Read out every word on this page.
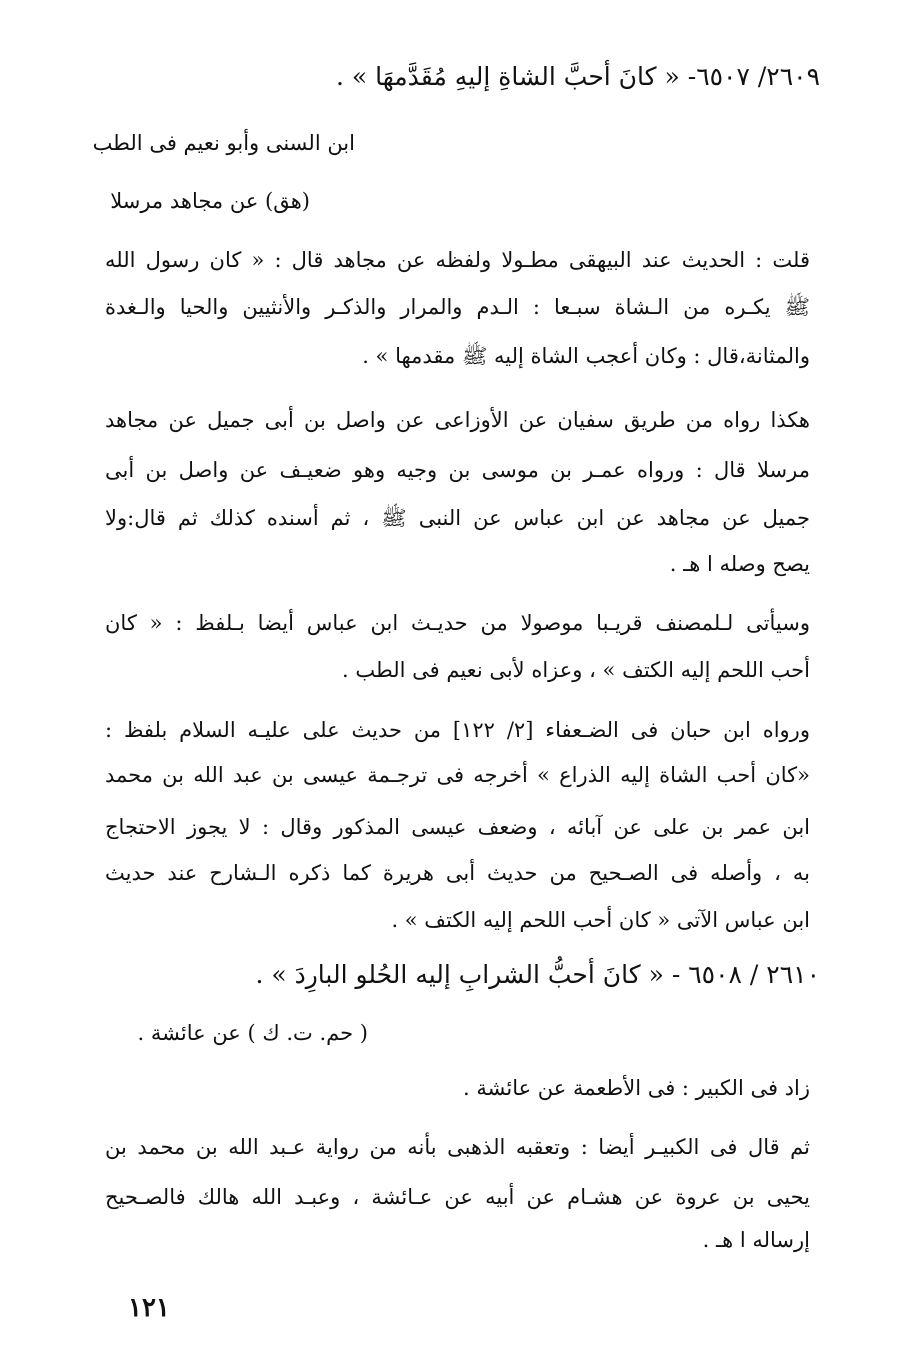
٢٦٠٩/ ٦٥٠٧- « كانَ أحبَّ الشاةِ إليهِ مُقَدَّمهَا » .
ابن السنى وأبو نعيم فى الطب
(هق) عن مجاهد مرسلا
قلت : الحديث عند البيهقى مطـولا ولفظه عن مجاهد قال : « كان رسول الله
ﷺ يكـره من الـشاة سبـعا : الـدم والمرار والذكـر والأنثيين والحيا والـغدة
والمثانة،قال : وكان أعجب الشاة إليه ﷺ مقدمها » .
هكذا رواه من طريق سفيان عن الأوزاعى عن واصل بن أبى جميل عن مجاهد
مرسلا قال : ورواه عمـر بن موسى بن وجيه وهو ضعيـف عن واصل بن أبى
جميل عن مجاهد عن ابن عباس عن النبى ﷺ ، ثم أسنده كذلك ثم قال:ولا
يصح وصله ا هـ .
وسيأتى لـلمصنف قريـبا موصولا من حديـث ابن عباس أيضا بـلفظ : « كان
أحب اللحم إليه الكتف » ، وعزاه لأبى نعيم فى الطب .
ورواه ابن حبان فى الضـعفاء [٢/ ١٢٢] من حديث على عليـه السلام بلفظ :
«كان أحب الشاة إليه الذراع » أخرجه فى ترجـمة عيسى بن عبد الله بن محمد
ابن عمر بن على عن آبائه ، وضعف عيسى المذكور وقال : لا يجوز الاحتجاج
به ، وأصله فى الصـحيح من حديث أبى هريرة كما ذكره الـشارح عند حديث
ابن عباس الآتى « كان أحب اللحم إليه الكتف » .
٢٦١٠ / ٦٥٠٨ - « كانَ أحبُّ الشرابِ إليه الحُلو البارِدَ » .
( حم. ت. ك ) عن عائشة .
زاد فى الكبير : فى الأطعمة عن عائشة .
ثم قال فى الكبيـر أيضا : وتعقبه الذهبى بأنه من رواية عـبد الله بن محمد بن
يحيى بن عروة عن هشـام عن أبيه عن عـائشة ، وعبـد الله هالك فالصـحيح
إرساله ا هـ .
١٢١
